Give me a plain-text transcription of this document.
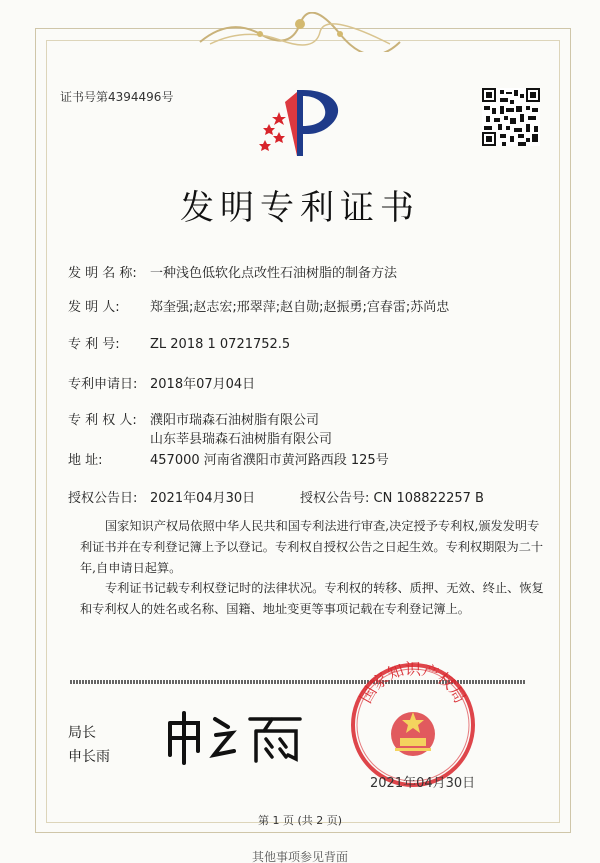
证书号第4394496号
发明专利证书
发 明 名 称: 一种浅色低软化点改性石油树脂的制备方法
发 明 人: 郑奎强;赵志宏;邢翠萍;赵自勋;赵振勇;宫春雷;苏尚忠
专 利 号: ZL 2018 1 0721752.5
专利申请日: 2018年07月04日
专 利 权 人: 濮阳市瑞森石油树脂有限公司
山东莘县瑞森石油树脂有限公司
地 址:	457000 河南省濮阳市黄河路西段 125号
授权公告日: 2021年04月30日	授权公告号: CN 108822257 B
国家知识产权局依照中华人民共和国专利法进行审查,决定授予专利权,颁发发明专利证书并在专利登记簿上予以登记。专利权自授权公告之日起生效。专利权期限为二十年,自申请日起算。
专利证书记载专利权登记时的法律状况。专利权的转移、质押、无效、终止、恢复和专利权人的姓名或名称、国籍、地址变更等事项记载在专利登记簿上。
局长
申长雨
国家知识产权局
2021年04月30日
第 1 页 (共 2 页)
其他事项参见背面
